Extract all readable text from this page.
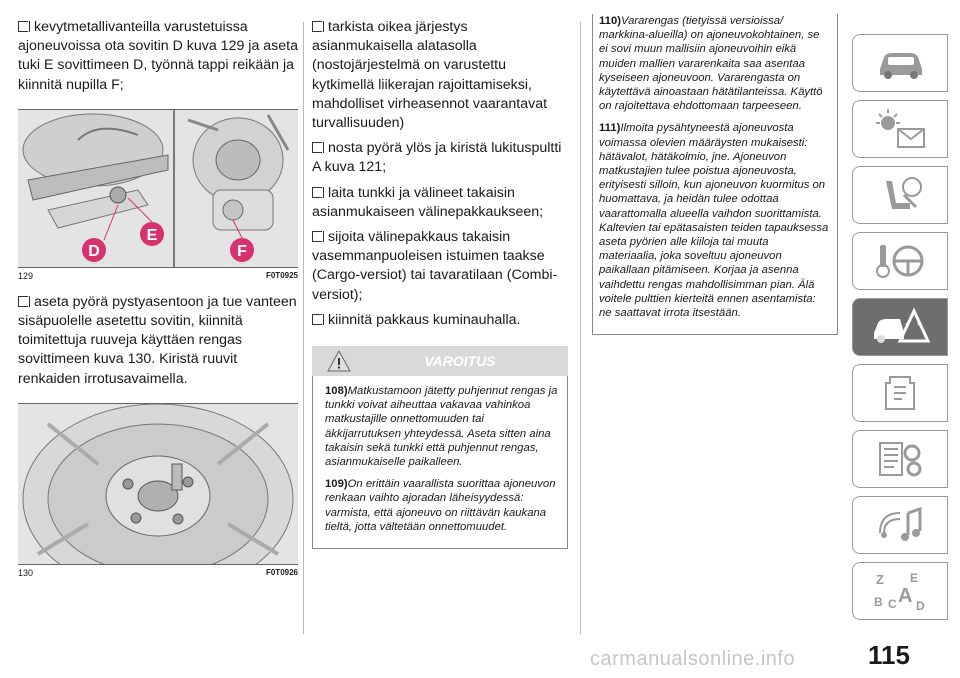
kevytmetallivanteilla varustetuissa ajoneuvoissa ota sovitin D kuva 129 ja aseta tuki E sovittimeen D, työnnä tappi reikään ja kiinnitä nupilla F;

D
E
F
129	F0T0925

aseta pyörä pystyasentoon ja tue vanteen sisäpuolelle asetettu sovitin, kiinnitä toimitettuja ruuveja käyttäen rengas sovittimeen kuva 130. Kiristä ruuvit renkaiden irrotusavaimella.

130	F0T0926

tarkista oikea järjestys asianmukaisella alatasolla (nostojärjestelmä on varustettu kytkimellä liikerajan rajoittamiseksi, mahdolliset virheasennot vaarantavat turvallisuuden)

nosta pyörä ylös ja kiristä lukituspultti A kuva 121;

laita tunkki ja välineet takaisin asianmukaiseen välinepakkaukseen;

sijoita välinepakkaus takaisin vasemmanpuoleisen istuimen taakse (Cargo-versiot) tai tavaratilaan (Combi-versiot);

kiinnitä pakkaus kuminauhalla.

VAROITUS

108)Matkustamoon jätetty puhjennut rengas ja tunkki voivat aiheuttaa vakavaa vahinkoa matkustajille onnettomuuden tai äkkijarrutuksen yhteydessä. Aseta sitten aina takaisin sekä tunkki että puhjennut rengas, asianmukaiselle paikalleen.

109)On erittäin vaarallista suorittaa ajoneuvon renkaan vaihto ajoradan läheisyydessä: varmista, että ajoneuvo on riittävän kaukana tieltä, jotta vältetään onnettomuudet.

110)Vararengas (tietyissä versioissa/ markkina-alueilla) on ajoneuvokohtainen, se ei sovi muun mallisiin ajoneuvoihin eikä muiden mallien vararenkaita saa asentaa kyseiseen ajoneuvoon. Vararengasta on käytettävä ainoastaan hätätilanteissa. Käyttö on rajoitettava ehdottomaan tarpeeseen.

111)Ilmoita pysähtyneestä ajoneuvosta voimassa olevien määräysten mukaisesti: hätävalot, hätäkolmio, jne. Ajoneuvon matkustajien tulee poistua ajoneuvosta, erityisesti silloin, kun ajoneuvon kuormitus on huomattava, ja heidän tulee odottaa vaarattomalla alueella vaihdon suorittamista. Kaltevien tai epätasaisten teiden tapauksessa aseta pyörien alle kiiloja tai muuta materiaalia, joka soveltuu ajoneuvon paikallaan pitämiseen. Korjaa ja asenna vaihdettu rengas mahdollisimman pian. Älä voitele pulttien kierteitä ennen asentamista: ne saattavat irrota itsestään.

Z E
B C A D
115
carmanualsonline.info
